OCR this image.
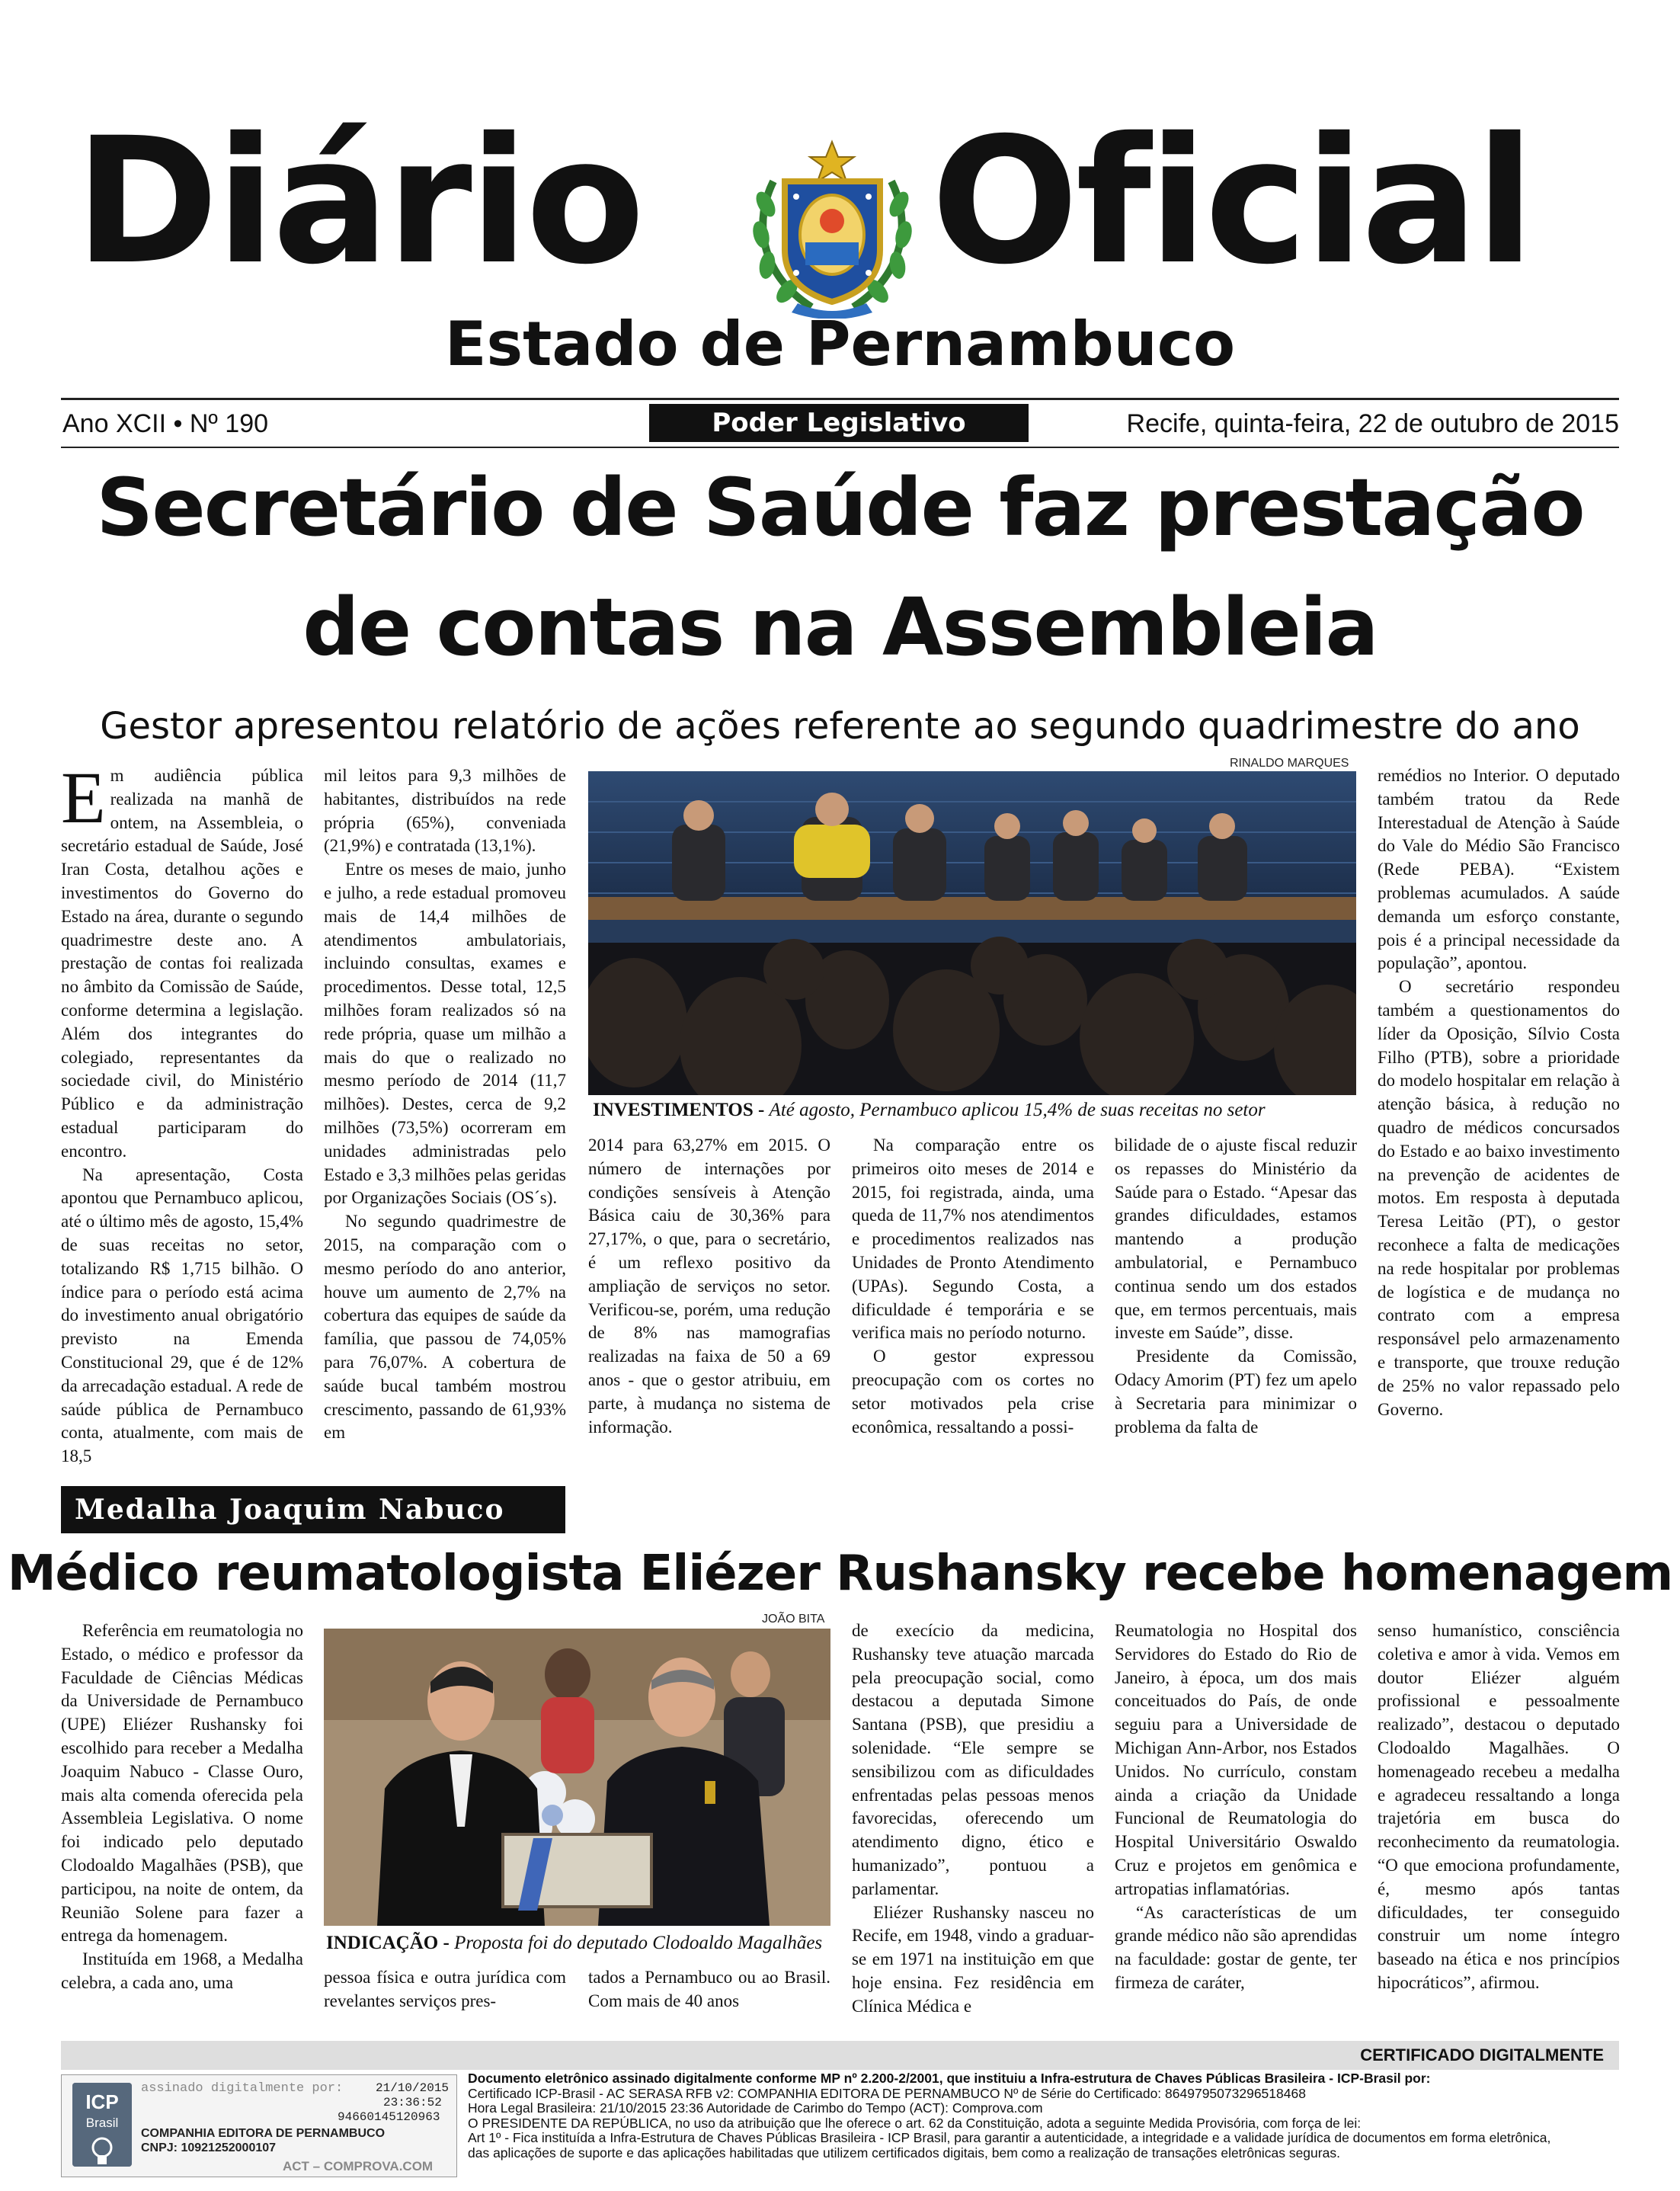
Diário Oficial
Estado de Pernambuco
Ano XCII • Nº 190	Poder Legislativo	Recife, quinta-feira, 22 de outubro de 2015
Secretário de Saúde faz prestação
de contas na Assembleia
Gestor apresentou relatório de ações referente ao segundo quadrimestre do ano

Em audiência pública realizada na manhã de ontem, na Assembleia, o secretário estadual de Saúde, José Iran Costa, detalhou ações e investimentos do Governo do Estado na área, durante o segundo quadrimestre deste ano. A prestação de contas foi realizada no âmbito da Comissão de Saúde, conforme determina a legislação. Além dos integrantes do colegiado, representantes da sociedade civil, do Ministério Público e da administração estadual participaram do encontro.

Na apresentação, Costa apontou que Pernambuco aplicou, até o último mês de agosto, 15,4% de suas receitas no setor, totalizando R$ 1,715 bilhão. O índice para o período está acima do investimento anual obrigatório previsto na Emenda Constitucional 29, que é de 12% da arrecadação estadual. A rede de saúde pública de Pernambuco conta, atualmente, com mais de 18,5

mil leitos para 9,3 milhões de habitantes, distribuídos na rede própria (65%), conveniada (21,9%) e contratada (13,1%).

Entre os meses de maio, junho e julho, a rede estadual promoveu mais de 14,4 milhões de atendimentos ambulatoriais, incluindo consultas, exames e procedimentos. Desse total, 12,5 milhões foram realizados só na rede própria, quase um milhão a mais do que o realizado no mesmo período de 2014 (11,7 milhões). Destes, cerca de 9,2 milhões (73,5%) ocorreram em unidades administradas pelo Estado e 3,3 milhões pelas geridas por Organizações Sociais (OS´s).

No segundo quadrimestre de 2015, na comparação com o mesmo período do ano anterior, houve um aumento de 2,7% na cobertura das equipes de saúde da família, que passou de 74,05% para 76,07%. A cobertura de saúde bucal também mostrou crescimento, passando de 61,93% em

RINALDO MARQUES
INVESTIMENTOS - Até agosto, Pernambuco aplicou 15,4% de suas receitas no setor

2014 para 63,27% em 2015. O número de internações por condições sensíveis à Atenção Básica caiu de 30,36% para 27,17%, o que, para o secretário, é um reflexo positivo da ampliação de serviços no setor. Verificou-se, porém, uma redução de 8% nas mamografias realizadas na faixa de 50 a 69 anos - que o gestor atribuiu, em parte, à mudança no sistema de informação.

Na comparação entre os primeiros oito meses de 2014 e 2015, foi registrada, ainda, uma queda de 11,7% nos atendimentos e procedimentos realizados nas Unidades de Pronto Atendimento (UPAs). Segundo Costa, a dificuldade é temporária e se verifica mais no período noturno.

O gestor expressou preocupação com os cortes no setor motivados pela crise econômica, ressaltando a possi-

bilidade de o ajuste fiscal reduzir os repasses do Ministério da Saúde para o Estado. “Apesar das grandes dificuldades, estamos mantendo a produção ambulatorial, e Pernambuco continua sendo um dos estados que, em termos percentuais, mais investe em Saúde”, disse.

Presidente da Comissão, Odacy Amorim (PT) fez um apelo à Secretaria para minimizar o problema da falta de

remédios no Interior. O deputado também tratou da Rede Interestadual de Atenção à Saúde do Vale do Médio São Francisco (Rede PEBA). “Existem problemas acumulados. A saúde demanda um esforço constante, pois é a principal necessidade da população”, apontou.

O secretário respondeu também a questionamentos do líder da Oposição, Sílvio Costa Filho (PTB), sobre a prioridade do modelo hospitalar em relação à atenção básica, à redução no quadro de médicos concursados do Estado e ao baixo investimento na prevenção de acidentes de motos. Em resposta à deputada Teresa Leitão (PT), o gestor reconhece a falta de medicações na rede hospitalar por problemas de logística e de mudança no contrato com a empresa responsável pelo armazenamento e transporte, que trouxe redução de 25% no valor repassado pelo Governo.

Medalha Joaquim Nabuco
Médico reumatologista Eliézer Rushansky recebe homenagem

Referência em reumatologia no Estado, o médico e professor da Faculdade de Ciências Médicas da Universidade de Pernambuco (UPE) Eliézer Rushansky foi escolhido para receber a Medalha Joaquim Nabuco - Classe Ouro, mais alta comenda oferecida pela Assembleia Legislativa. O nome foi indicado pelo deputado Clodoaldo Magalhães (PSB), que participou, na noite de ontem, da Reunião Solene para fazer a entrega da homenagem.

Instituída em 1968, a Medalha celebra, a cada ano, uma

JOÃO BITA
INDICAÇÃO - Proposta foi do deputado Clodoaldo Magalhães

pessoa física e outra jurídica com revelantes serviços pres-

tados a Pernambuco ou ao Brasil. Com mais de 40 anos

de execício da medicina, Rushansky teve atuação marcada pela preocupação social, como destacou a deputada Simone Santana (PSB), que presidiu a solenidade. “Ele sempre se sensibilizou com as dificuldades enfrentadas pelas pessoas menos favorecidas, oferecendo um atendimento digno, ético e humanizado”, pontuou a parlamentar.

Eliézer Rushansky nasceu no Recife, em 1948, vindo a graduar-se em 1971 na instituição em que hoje ensina. Fez residência em Clínica Médica e

Reumatologia no Hospital dos Servidores do Estado do Rio de Janeiro, à época, um dos mais conceituados do País, de onde seguiu para a Universidade de Michigan Ann-Arbor, nos Estados Unidos. No currículo, constam ainda a criação da Unidade Funcional de Reumatologia do Hospital Universitário Oswaldo Cruz e projetos em genômica e artropatias inflamatórias.

“As características de um grande médico não são aprendidas na faculdade: gostar de gente, ter firmeza de caráter,

senso humanístico, consciência coletiva e amor à vida. Vemos em doutor Eliézer alguém profissional e pessoalmente realizado”, destacou o deputado Clodoaldo Magalhães. O homenageado recebeu a medalha e agradeceu ressaltando a longa trajetória em busca do reconhecimento da reumatologia. “O que emociona profundamente, é, mesmo após tantas dificuldades, ter conseguido construir um nome íntegro baseado na ética e nos princípios hipocráticos”, afirmou.

CERTIFICADO DIGITALMENTE
ICP
Brasil
assinado digitalmente por:	21/10/2015
23:36:52
94660145120963
COMPANHIA EDITORA DE PERNAMBUCO
CNPJ: 10921252000107
ACT – COMPROVA.COM
Documento eletrônico assinado digitalmente conforme MP nº 2.200-2/2001, que instituiu a Infra-estrutura de Chaves Públicas Brasileira - ICP-Brasil por:
Certificado ICP-Brasil - AC SERASA RFB v2: COMPANHIA EDITORA DE PERNAMBUCO Nº de Série do Certificado: 8649795073296518468
Hora Legal Brasileira: 21/10/2015 23:36 Autoridade de Carimbo do Tempo (ACT): Comprova.com
O PRESIDENTE DA REPÚBLICA, no uso da atribuição que lhe oferece o art. 62 da Constituição, adota a seguinte Medida Provisória, com força de lei:
Art 1º - Fica instituída a Infra-Estrutura de Chaves Públicas Brasileira - ICP Brasil, para garantir a autenticidade, a integridade e a validade jurídica de documentos em forma eletrônica,
das aplicações de suporte e das aplicações habilitadas que utilizem certificados digitais, bem como a realização de transações eletrônicas seguras.
